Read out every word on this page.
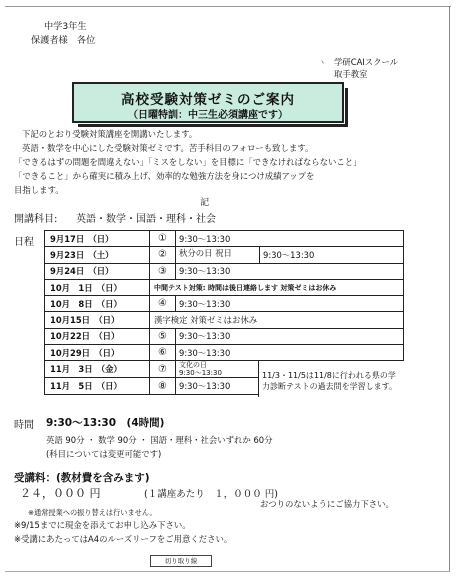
中学3年生
保護者様　各位
ヽ 学研CAIスクール
取手教室
高校受験対策ゼミのご案内
（日曜特訓：中三生必須講座です）
下記のとおり受験対策講座を開講いたします。
英語・数学を中心にした受験対策ゼミです。苦手科目のフォローも致します。
「できるはずの問題を間違えない」「ミスをしない」を目標に「できなければならないこと」
「できること」から確実に積み上げ、効率的な勉強方法を身につけ成績アップを
目指します。
記
開講科目: 英語・数学・国語・理科・社会
日程 9月17日　（日）	①	9:30～13:30
9月23日　（土）	②	秋分の日 祝日 9:30～13:30

9月24日　（日）	③	9:30～13:30
10月　1日　（日）	中間テスト対策: 時間は後日連絡します 対策ゼミはお休み	
10月　8日　（日）	④	9:30～13:30
10月15日　（日）	漢字検定 対策ゼミはお休み	
10月22日　（日）	⑤	9:30～13:30
10月29日　（日）	⑥	9:30～13:30
11月　3日　（金）	⑦	文化の日
9:30～13:30

11月　5日　（日）	⑧	9:30～13:30
11/3・11/5は11/8に行われる県の学力診断テストの過去問を学習します。
時間 9:30～13:30　(4時間)
英語 90分 ・ 数学 90分 ・ 国語・理科・社会いずれか 60分
(科目については変更可能です)
受講料：(教材費を含みます)
２４，０００ 円	(１講座あたり　１，０００ 円)
おつりのないようにご協力下さい。
※通常授業への振り替えは行いません。
※9/15までに現金を添えてお申し込み下さい。
※受講にあたってはA4のルーズリーフをご用意ください。
切り取り線
